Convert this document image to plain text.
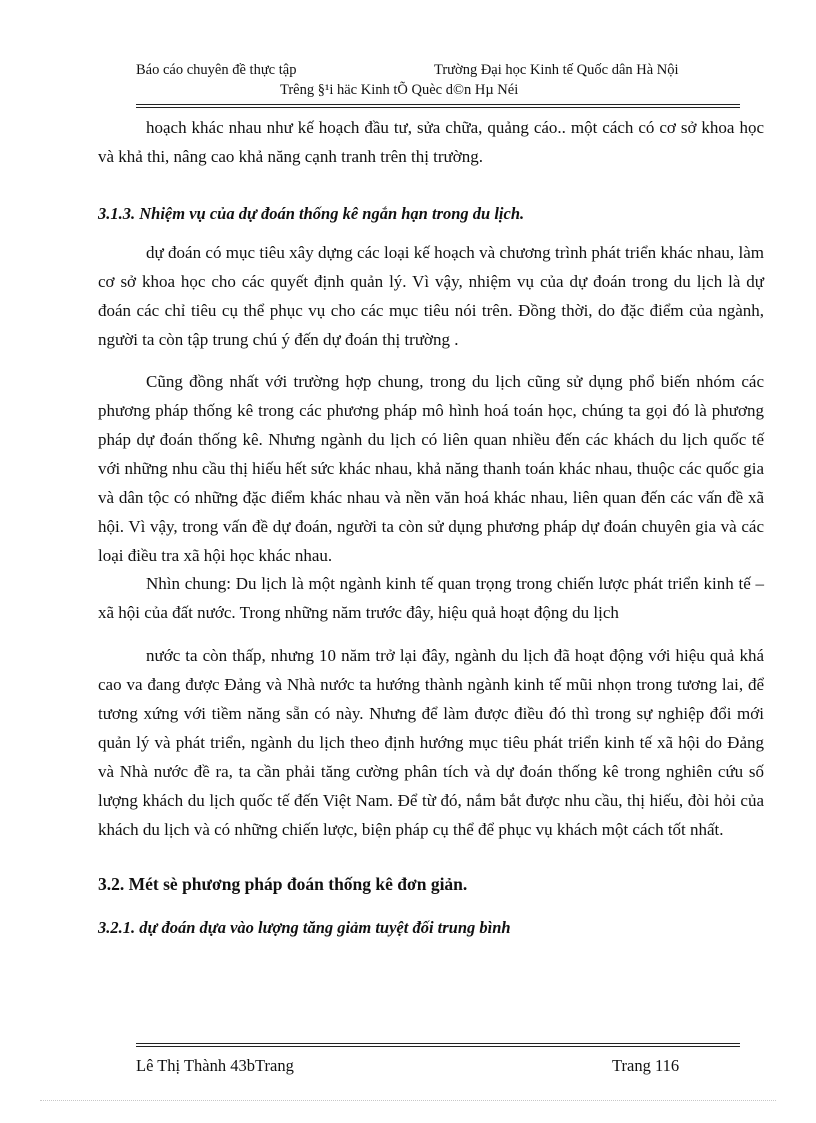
Báo cáo chuyên đề thực tập	Trường Đại học Kinh tế Quốc dân Hà Nội
Trêng §¹i häc Kinh tÕ Quèc d©n Hµ Néi

hoạch khác nhau như kế hoạch đầu tư, sửa chữa, quảng cáo.. một cách có cơ sở khoa học và khả thi, nâng cao khả năng cạnh tranh trên thị trường.

3.1.3. Nhiệm vụ của dự đoán thống kê ngắn hạn trong du lịch.

dự đoán có mục tiêu xây dựng các loại kế hoạch và chương trình phát triển khác nhau, làm cơ sở khoa học cho các quyết định quản lý. Vì vậy, nhiệm vụ của dự đoán trong du lịch là dự đoán các chỉ tiêu cụ thể phục vụ cho các mục tiêu nói trên. Đồng thời, do đặc điểm của ngành, người ta còn tập trung chú ý đến dự đoán thị trường .

Cũng đồng nhất với trường hợp chung, trong du lịch cũng sử dụng phổ biến nhóm các phương pháp thống kê trong các phương pháp mô hình hoá toán học, chúng ta gọi đó là phương pháp dự đoán thống kê. Nhưng ngành du lịch có liên quan nhiều đến các khách du lịch quốc tế với những nhu cầu thị hiếu hết sức khác nhau, khả năng thanh toán khác nhau, thuộc các quốc gia và dân tộc có những đặc điểm khác nhau và nền văn hoá khác nhau, liên quan đến các vấn đề xã hội. Vì vậy, trong vấn đề dự đoán, người ta còn sử dụng phương pháp dự đoán chuyên gia và các loại điều tra xã hội học khác nhau.

Nhìn chung: Du lịch là một ngành kinh tế quan trọng trong chiến lược phát triển kinh tế – xã hội của đất nước. Trong những năm trước đây, hiệu quả hoạt động du lịch

nước ta còn thấp, nhưng 10 năm trở lại đây, ngành du lịch đã hoạt động với hiệu quả khá cao va đang được Đảng và Nhà nước ta hướng thành ngành kinh tế mũi nhọn trong tương lai, để tương xứng với tiềm năng sẵn có này. Nhưng để làm được điều đó thì trong sự nghiệp đổi mới quản lý và phát triển, ngành du lịch theo định hướng mục tiêu phát triển kinh tế xã hội do Đảng và Nhà nước đề ra, ta cần phải tăng cường phân tích và dự đoán thống kê trong nghiên cứu số lượng khách du lịch quốc tế đến Việt Nam. Để từ đó, nắm bắt được nhu cầu, thị hiếu, đòi hỏi của khách du lịch và có những chiến lược, biện pháp cụ thể để phục vụ khách một cách tốt nhất.

3.2. Mét sè phương pháp đoán thống kê đơn giản.
3.2.1. dự đoán dựa vào lượng tăng giảm tuyệt đối trung bình
Lê Thị Thành 43bTrang	Trang 116
